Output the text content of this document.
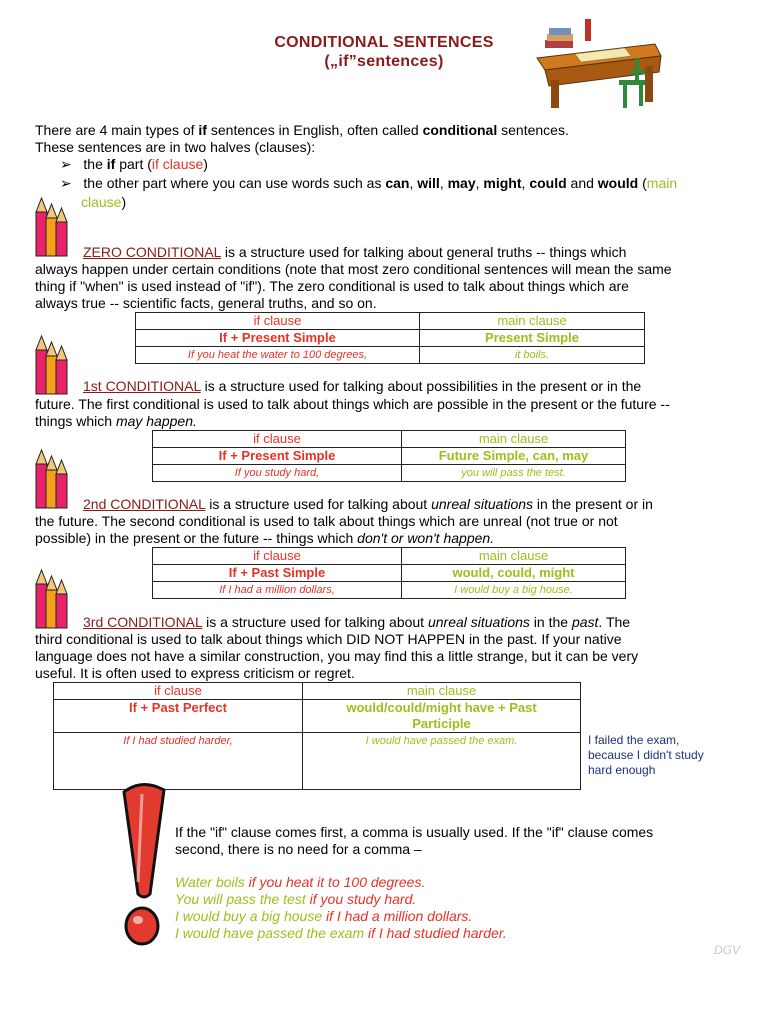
CONDITIONAL SENTENCES
(„if”sentences)
There are 4 main types of if sentences in English, often called conditional sentences.
These sentences are in two halves (clauses):
➢   the if part (if clause)
➢   the other part where you can use words such as can, will, may, might, could and would (main
clause)
ZERO CONDITIONAL is a structure used for talking about general truths -- things which
always happen under certain conditions (note that most zero conditional sentences will mean the same
thing if "when" is used instead of "if"). The zero conditional is used to talk about things which are
always true -- scientific facts, general truths, and so on.
if clause	main clause
If + Present Simple	Present Simple
If you heat the water to 100 degrees,	it boils.
1st CONDITIONAL is a structure used for talking about possibilities in the present or in the
future. The first conditional is used to talk about things which are possible in the present or the future --
things which may happen.
if clause	main clause
If + Present Simple	Future Simple, can, may
If you study hard,	you will pass the test.
2nd CONDITIONAL is a structure used for talking about unreal situations in the present or in
the future. The second conditional is used to talk about things which are unreal (not true or not
possible) in the present or the future -- things which don't or won't happen.
if clause	main clause
If + Past Simple	would, could, might
If I had a million dollars,	I would buy a big house.
3rd CONDITIONAL is a structure used for talking about unreal situations in the past. The
third conditional is used to talk about things which DID NOT HAPPEN in the past. If your native
language does not have a similar construction, you may find this a little strange, but it can be very
useful. It is often used to express criticism or regret.
if clause	main clause
If + Past Perfect	would/could/might have + Past Participle
If I had studied harder,	I would have passed the exam.	I failed the exam,
because I didn't study
hard enough
If the "if" clause comes first, a comma is usually used. If the "if" clause comes
second, there is no need for a comma –
Water boils if you heat it to 100 degrees.
You will pass the test if you study hard.
I would buy a big house if I had a million dollars.
I would have passed the exam if I had studied harder.
DGV
